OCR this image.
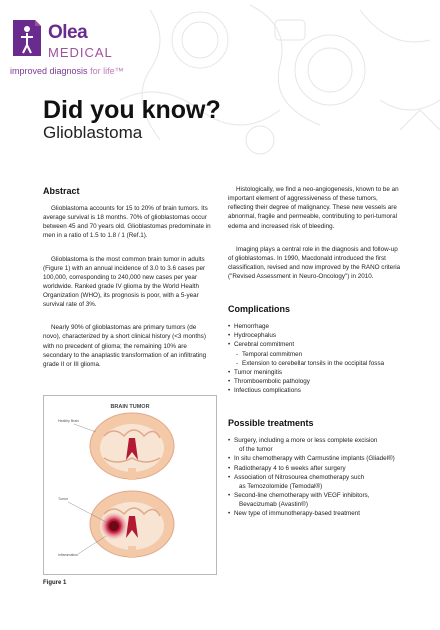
Olea
MEDICAL
improved diagnosis for life™
Did you know?
Glioblastoma
Abstract

Glioblastoma accounts for 15 to 20% of brain tumors. Its average survival is 18 months. 70% of glioblastomas occur between 45 and 70 years old. Glioblastomas predominate in men in a ratio of 1.5 to 1.8 / 1 (Ref.1).

Glioblastoma is the most common brain tumor in adults (Figure 1) with an annual incidence of 3.0 to 3.6 cases per 100,000, corresponding to 240,000 new cases per year worldwide. Ranked grade IV glioma by the World Health Organization (WHO), its prognosis is poor, with a 5-year survival rate of 3%.

Nearly 90% of glioblastomas are primary tumors (de novo), characterized by a short clinical history (<3 months) with no precedent of glioma; the remaining 10% are secondary to the anaplastic transformation of an infiltrating grade II or III glioma.

BRAIN TUMOR
Healthy Brain
Tumor
Inflammation
Figure 1

Histologically, we find a neo-angiogenesis, known to be an important element of aggressiveness of these tumors, reflecting their degree of malignancy. These new vessels are abnormal, fragile and permeable, contributing to peri-tumoral edema and increased risk of bleeding.

Imaging plays a central role in the diagnosis and follow-up of glioblastomas. In 1990, Macdonald introduced the first classification, revised and now improved by the RANO criteria ("Revised Assessment in Neuro-Oncology") in 2010.

Complications
• Hemorrhage
• Hydrocephalus
• Cerebral commitment
- Temporal commitmen
- Extension to cerebellar tonsils in the occipital fossa
• Tumor meningitis
• Thromboembolic pathology
• Infectious complications
Possible treatments
• Surgery, including a more or less complete excision
of the tumor
• In situ chemotherapy with Carmustine implants (Gliadel®)
• Radiotherapy 4 to 6 weeks after surgery
• Association of Nitrosourea chemotherapy such
as Temozolomide (Temodal®)
• Second-line chemotherapy with VEGF inhibitors,
Bevacizumab (Avastin®)
• New type of immunotherapy-based treatment
